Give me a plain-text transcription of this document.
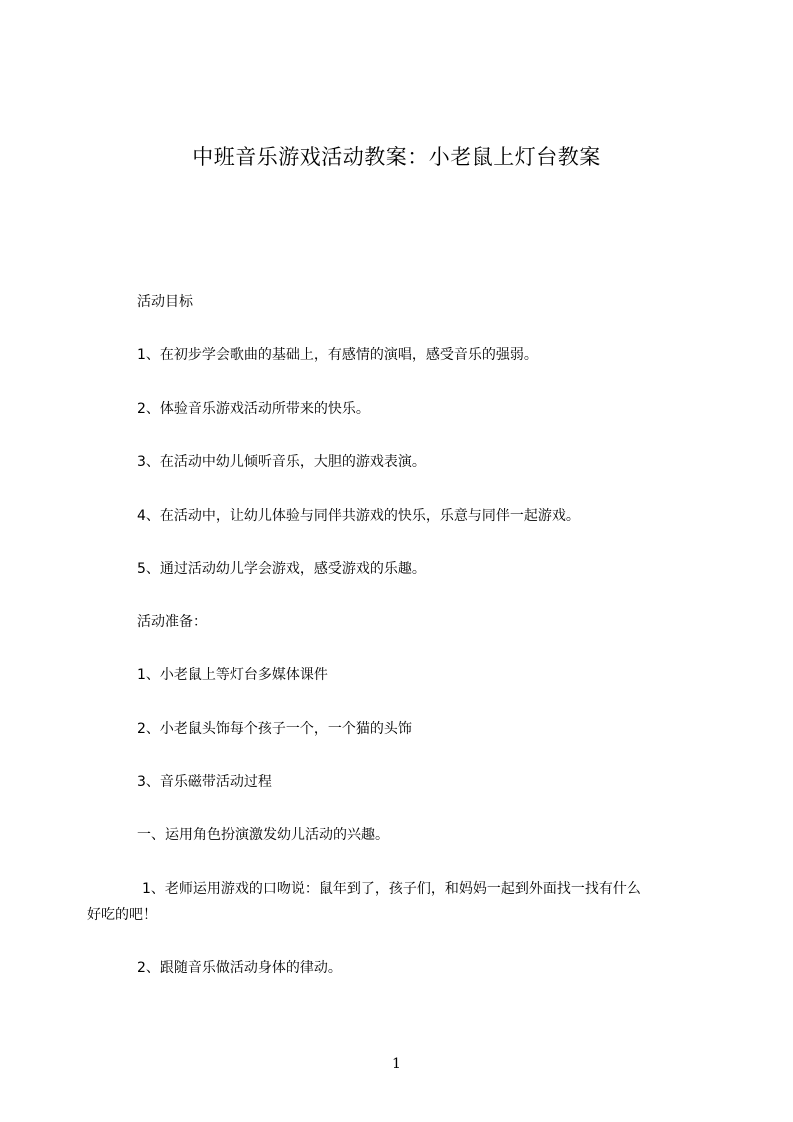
中班音乐游戏活动教案：小老鼠上灯台教案
活动目标
1、在初步学会歌曲的基础上，有感情的演唱，感受音乐的强弱。
2、体验音乐游戏活动所带来的快乐。
3、在活动中幼儿倾听音乐，大胆的游戏表演。
4、在活动中，让幼儿体验与同伴共游戏的快乐，乐意与同伴一起游戏。
5、通过活动幼儿学会游戏，感受游戏的乐趣。
活动准备：
1、小老鼠上等灯台多媒体课件
2、小老鼠头饰每个孩子一个，一个猫的头饰
3、音乐磁带活动过程
一、运用角色扮演激发幼儿活动的兴趣。
1、老师运用游戏的口吻说：鼠年到了，孩子们，和妈妈一起到外面找一找有什么
好吃的吧！
2、跟随音乐做活动身体的律动。
1
